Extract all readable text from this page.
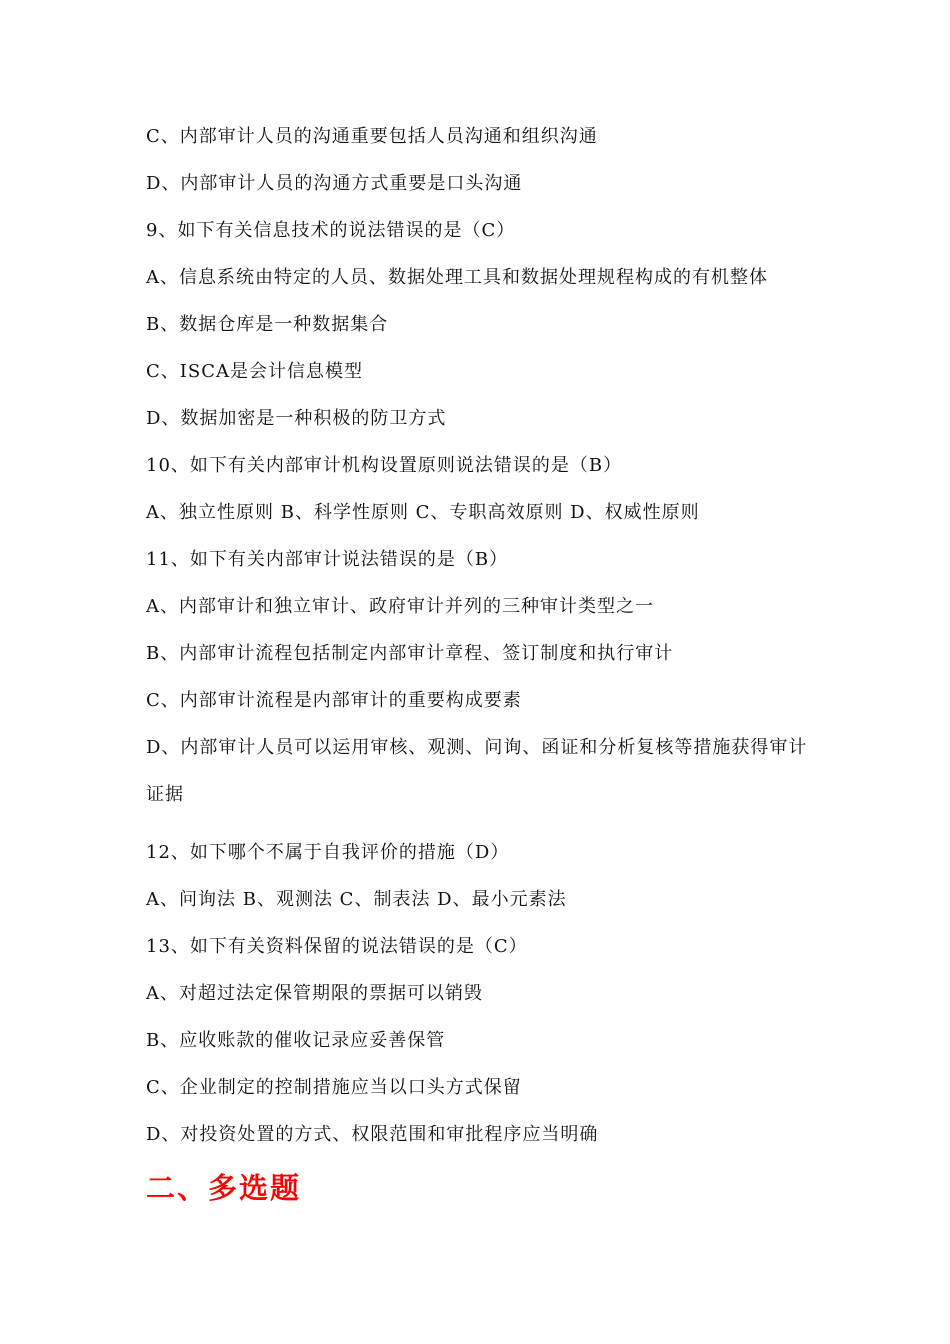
C、内部审计人员的沟通重要包括人员沟通和组织沟通
D、内部审计人员的沟通方式重要是口头沟通
9、如下有关信息技术的说法错误的是（C）
A、信息系统由特定的人员、数据处理工具和数据处理规程构成的有机整体
B、数据仓库是一种数据集合
C、ISCA是会计信息模型
D、数据加密是一种积极的防卫方式
10、如下有关内部审计机构设置原则说法错误的是（B）
A、独立性原则 B、科学性原则 C、专职高效原则 D、权威性原则
11、如下有关内部审计说法错误的是（B）
A、内部审计和独立审计、政府审计并列的三种审计类型之一
B、内部审计流程包括制定内部审计章程、签订制度和执行审计
C、内部审计流程是内部审计的重要构成要素
D、内部审计人员可以运用审核、观测、问询、函证和分析复核等措施获得审计
证据
12、如下哪个不属于自我评价的措施（D）
A、问询法 B、观测法 C、制表法 D、最小元素法
13、如下有关资料保留的说法错误的是（C）
A、对超过法定保管期限的票据可以销毁
B、应收账款的催收记录应妥善保管
C、企业制定的控制措施应当以口头方式保留
D、对投资处置的方式、权限范围和审批程序应当明确
二、多选题
